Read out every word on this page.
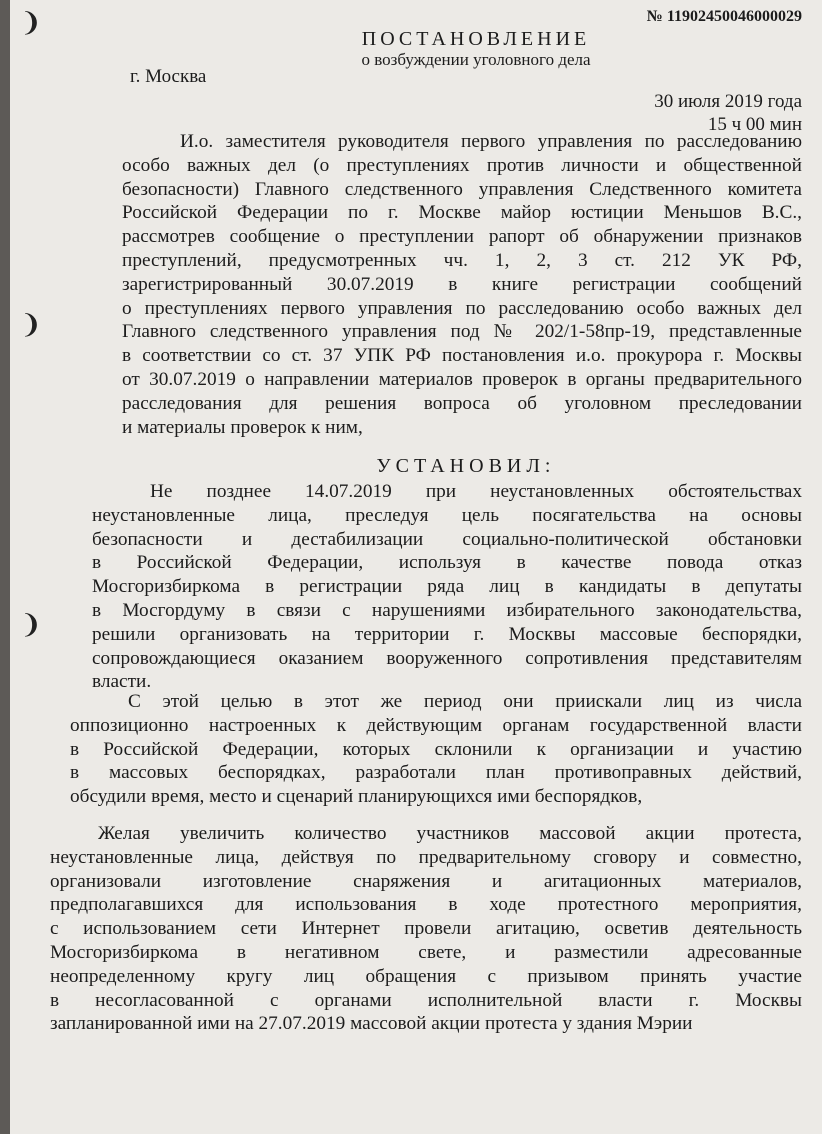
❩
❩
❩
№ 11902450046000029
ПОСТАНОВЛЕНИЕ
о возбуждении уголовного дела
г. Москва
30 июля 2019 года
15 ч 00 мин
И.о. заместителя руководителя первого управления по расследованию
особо важных дел (о преступлениях против личности и общественной
безопасности) Главного следственного управления Следственного комитета
Российской Федерации по г. Москве майор юстиции Меньшов В.С.,
рассмотрев сообщение о преступлении рапорт об обнаружении признаков
преступлений, предусмотренных чч. 1, 2, 3 ст. 212 УК РФ,
зарегистрированный 30.07.2019 в книге регистрации сообщений
о преступлениях первого управления по расследованию особо важных дел
Главного следственного управления под № 202/1-58пр-19, представленные
в соответствии со ст. 37 УПК РФ постановления и.о. прокурора г. Москвы
от 30.07.2019 о направлении материалов проверок в органы предварительного
расследования для решения вопроса об уголовном преследовании
и материалы проверок к ним,
УСТАНОВИЛ:
Не позднее 14.07.2019 при неустановленных обстоятельствах
неустановленные лица, преследуя цель посягательства на основы
безопасности и дестабилизации социально-политической обстановки
в Российской Федерации, используя в качестве повода отказ
Мосгоризбиркома в регистрации ряда лиц в кандидаты в депутаты
в Мосгордуму в связи с нарушениями избирательного законодательства,
решили организовать на территории г. Москвы массовые беспорядки,
сопровождающиеся оказанием вооруженного сопротивления представителям
власти.
С этой целью в этот же период они приискали лиц из числа
оппозиционно настроенных к действующим органам государственной власти
в Российской Федерации, которых склонили к организации и участию
в массовых беспорядках, разработали план противоправных действий,
обсудили время, место и сценарий планирующихся ими беспорядков,
Желая увеличить количество участников массовой акции протеста,
неустановленные лица, действуя по предварительному сговору и совместно,
организовали изготовление снаряжения и агитационных материалов,
предполагавшихся для использования в ходе протестного мероприятия,
с использованием сети Интернет провели агитацию, осветив деятельность
Мосгоризбиркома в негативном свете, и разместили адресованные
неопределенному кругу лиц обращения с призывом принять участие
в несогласованной с органами исполнительной власти г. Москвы
запланированной ими на 27.07.2019 массовой акции протеста у здания Мэрии
